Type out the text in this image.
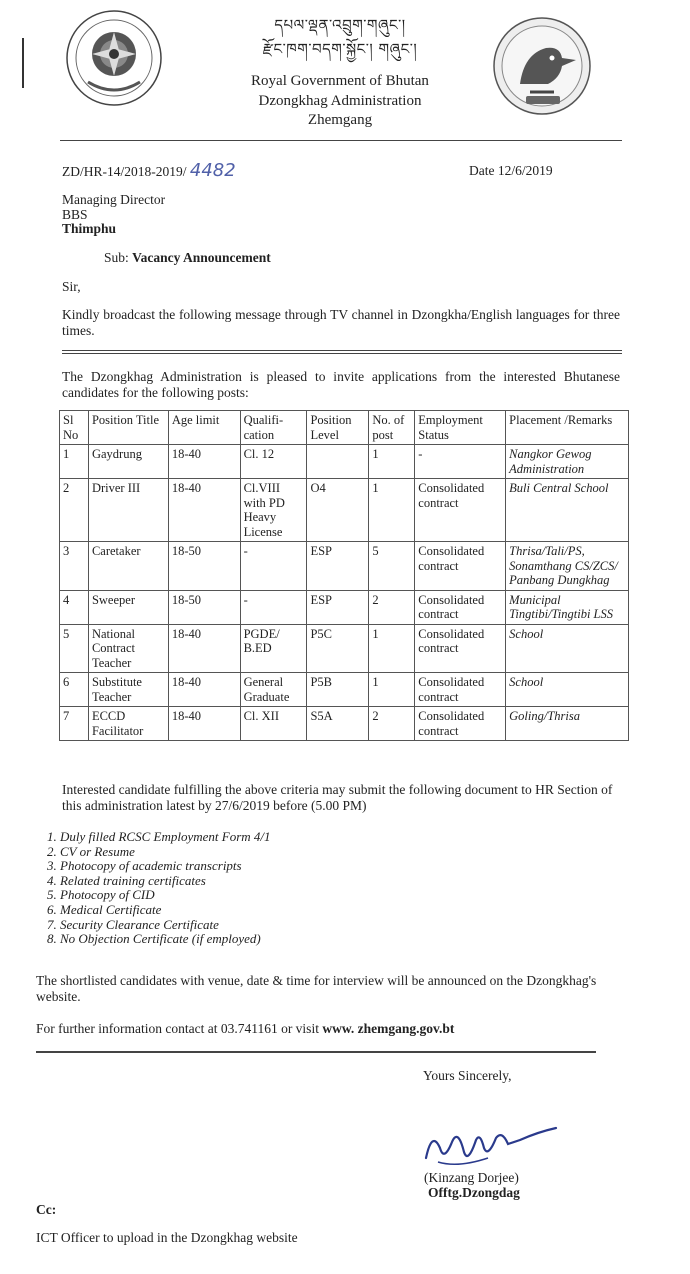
དཔལ་ལྡན་འབྲུག་གཞུང་།
རྫོང་ཁག་བདག་སྐྱོང་། གཞུང་།
Royal Government of Bhutan
Dzongkhag Administration
Zhemgang
ZD/HR-14/2018-2019/ 4482	Date 12/6/2019
Managing Director
BBS
Thimphu
Sub: Vacancy Announcement
Sir,
Kindly broadcast the following message through TV channel in Dzongkha/English languages for three times.
The Dzongkhag Administration is pleased to invite applications from the interested Bhutanese candidates for the following posts:
Sl No	Position Title	Age limit	Qualifi-cation	Position Level	No. of post	Employment Status	Placement /Remarks
1	Gaydrung	18-40	Cl. 12		1	-	Nangkor Gewog Administration
2	Driver III	18-40	Cl.VIII with PD Heavy License	O4	1	Consolidated contract	Buli Central School
3	Caretaker	18-50	-	ESP	5	Consolidated contract	Thrisa/Tali/PS, Sonamthang CS/ZCS/ Panbang Dungkhag
4	Sweeper	18-50	-	ESP	2	Consolidated contract	Municipal Tingtibi/Tingtibi LSS
5	National Contract Teacher	18-40	PGDE/ B.ED	P5C	1	Consolidated contract	School
6	Substitute Teacher	18-40	General Graduate	P5B	1	Consolidated contract	School
7	ECCD Facilitator	18-40	Cl. XII	S5A	2	Consolidated contract	Goling/Thrisa
Interested candidate fulfilling the above criteria may submit the following document to HR Section of this administration latest by 27/6/2019 before (5.00 PM)
1. Duly filled RCSC Employment Form 4/1
2. CV or Resume
3. Photocopy of academic transcripts
4. Related training certificates
5. Photocopy of CID
6. Medical Certificate
7. Security Clearance Certificate
8. No Objection Certificate (if employed)
The shortlisted candidates with venue, date & time for interview will be announced on the Dzongkhag's website.
For further information contact at 03.741161 or visit www. zhemgang.gov.bt
Yours Sincerely,
(Kinzang Dorjee)
Offtg.Dzongdag
Cc:
ICT Officer to upload in the Dzongkhag website
